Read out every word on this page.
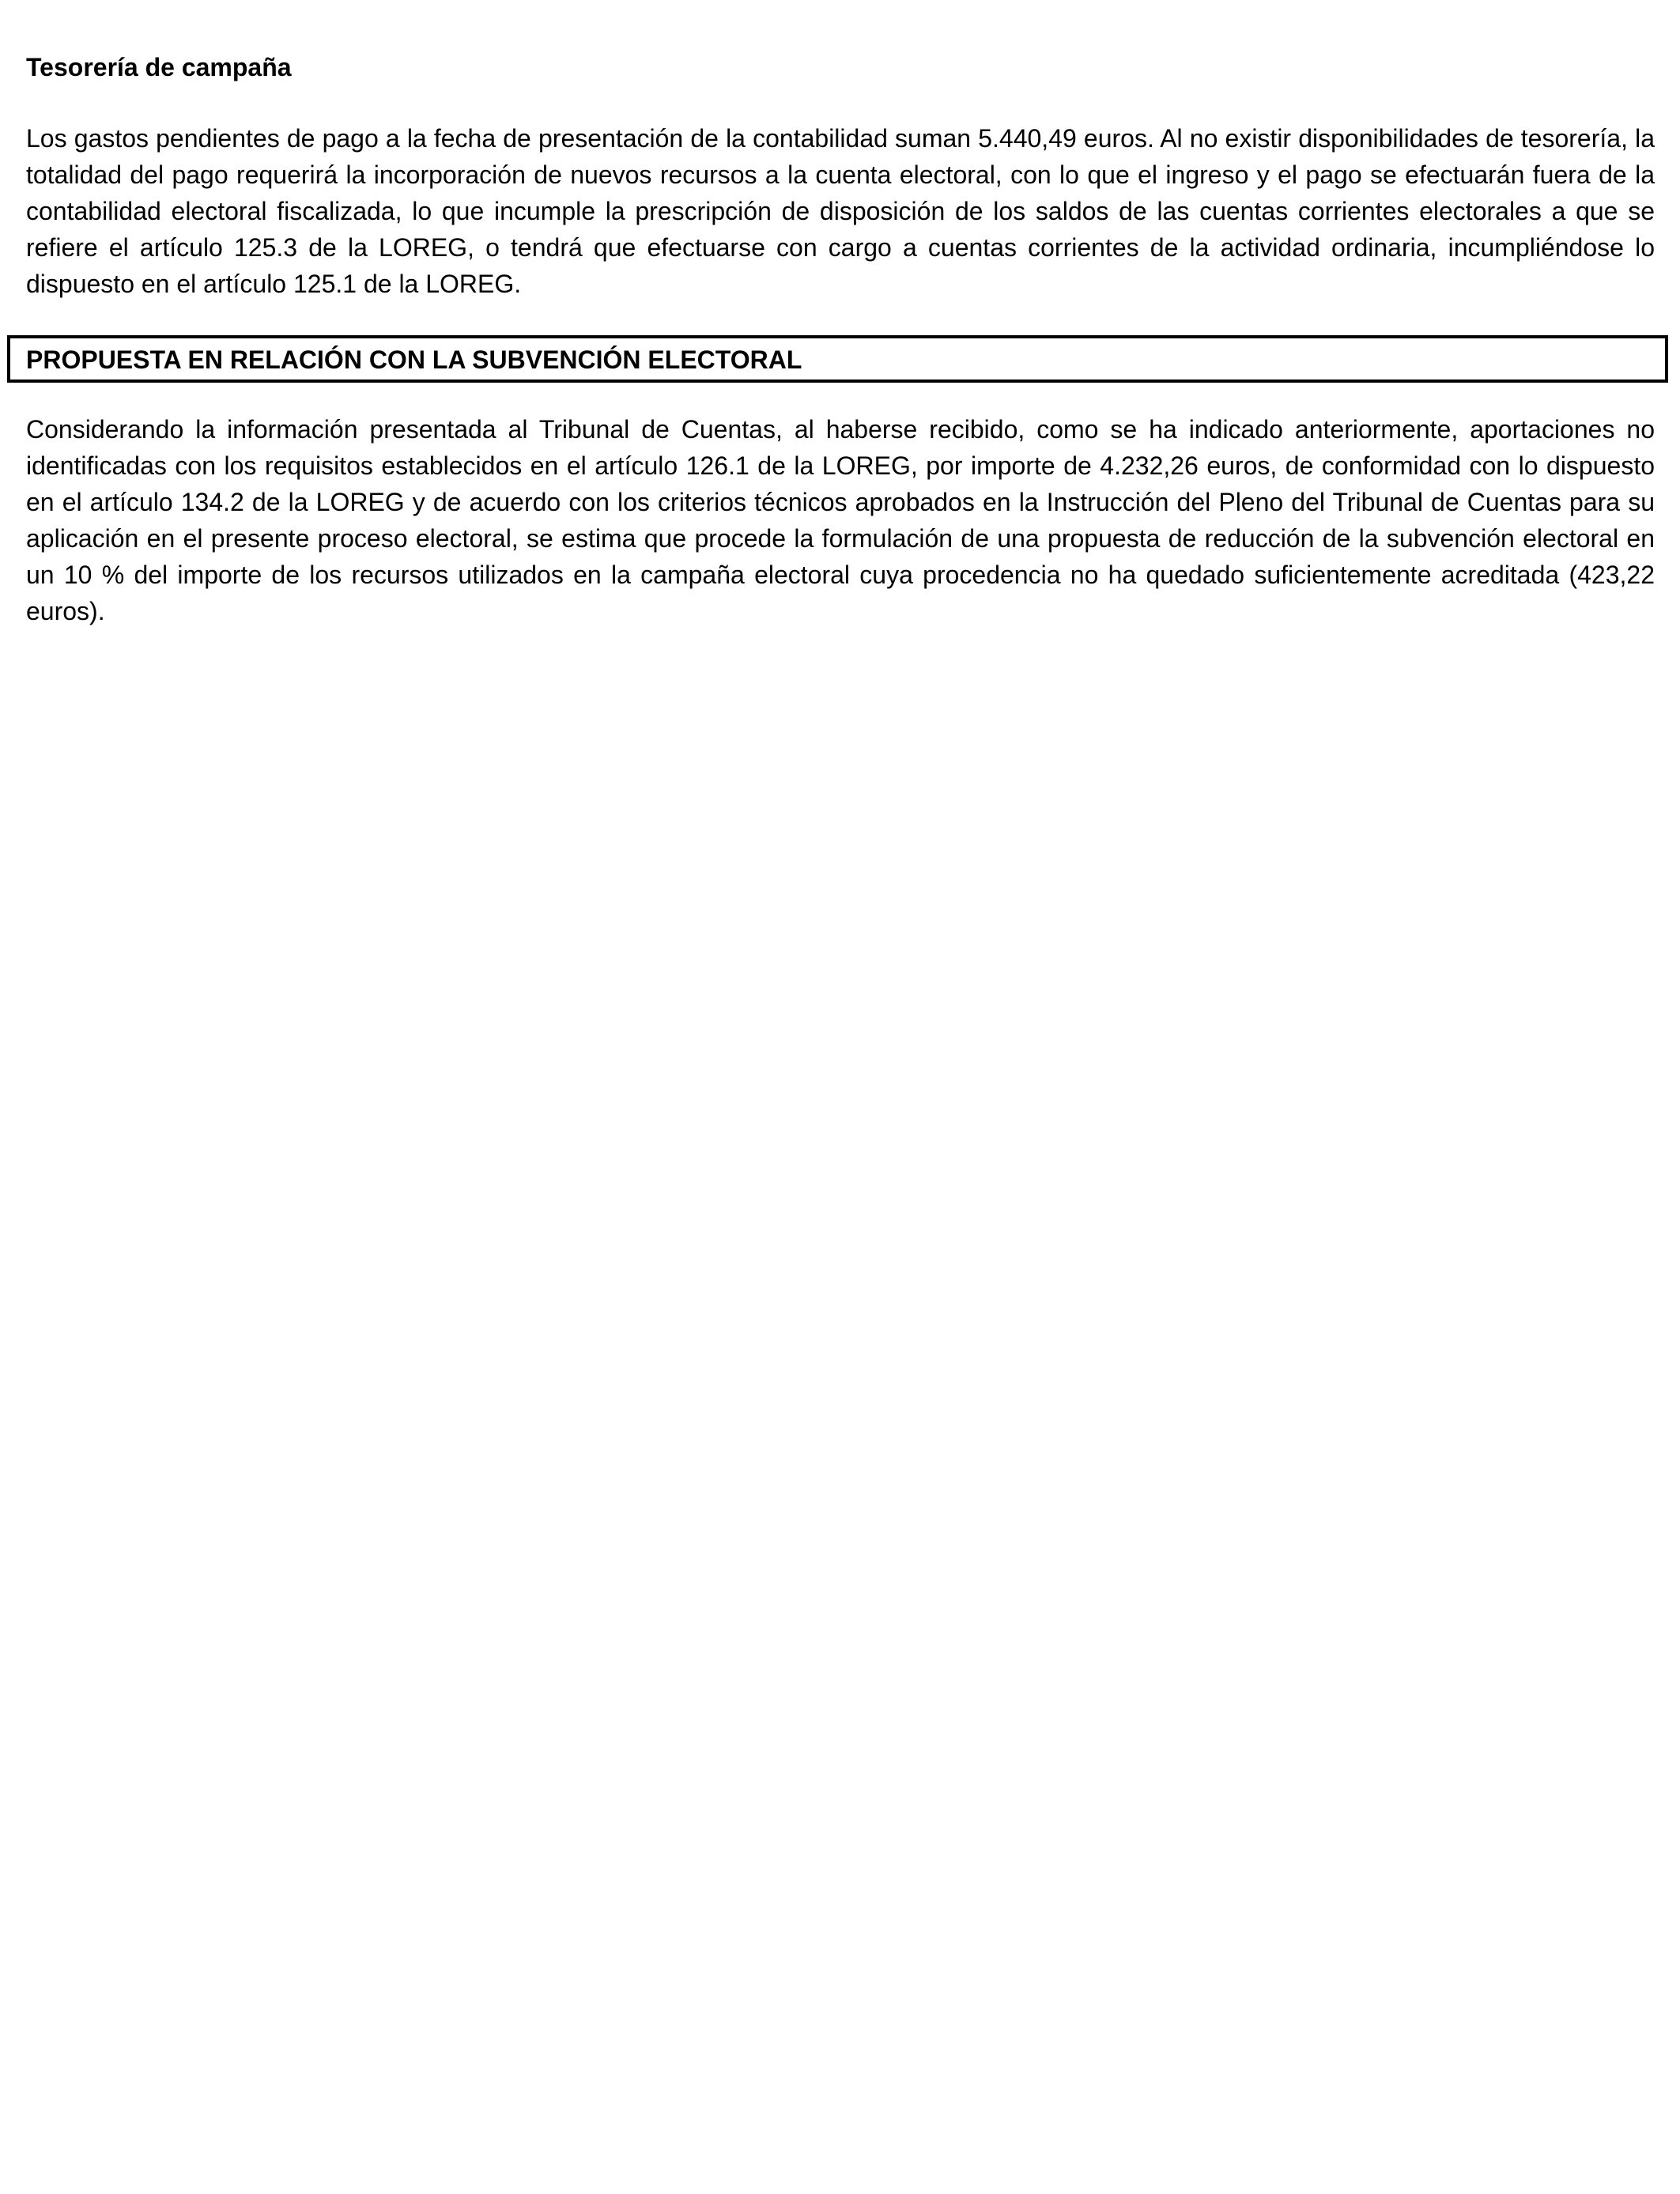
Tesorería de campaña

Los gastos pendientes de pago a la fecha de presentación de la contabilidad suman 5.440,49 euros. Al no existir disponibilidades de tesorería, la totalidad del pago requerirá la incorporación de nuevos recursos a la cuenta electoral, con lo que el ingreso y el pago se efectuarán fuera de la contabilidad electoral fiscalizada, lo que incumple la prescripción de disposición de los saldos de las cuentas corrientes electorales a que se refiere el artículo 125.3 de la LOREG, o tendrá que efectuarse con cargo a cuentas corrientes de la actividad ordinaria, incumpliéndose lo dispuesto en el artículo 125.1 de la LOREG.

PROPUESTA EN RELACIÓN CON LA SUBVENCIÓN ELECTORAL

Considerando la información presentada al Tribunal de Cuentas, al haberse recibido, como se ha indicado anteriormente, aportaciones no identificadas con los requisitos establecidos en el artículo 126.1 de la LOREG, por importe de 4.232,26 euros, de conformidad con lo dispuesto en el artículo 134.2 de la LOREG y de acuerdo con los criterios técnicos aprobados en la Instrucción del Pleno del Tribunal de Cuentas para su aplicación en el presente proceso electoral, se estima que procede la formulación de una propuesta de reducción de la subvención electoral en un 10 % del importe de los recursos utilizados en la campaña electoral cuya procedencia no ha quedado suficientemente acreditada (423,22 euros).
